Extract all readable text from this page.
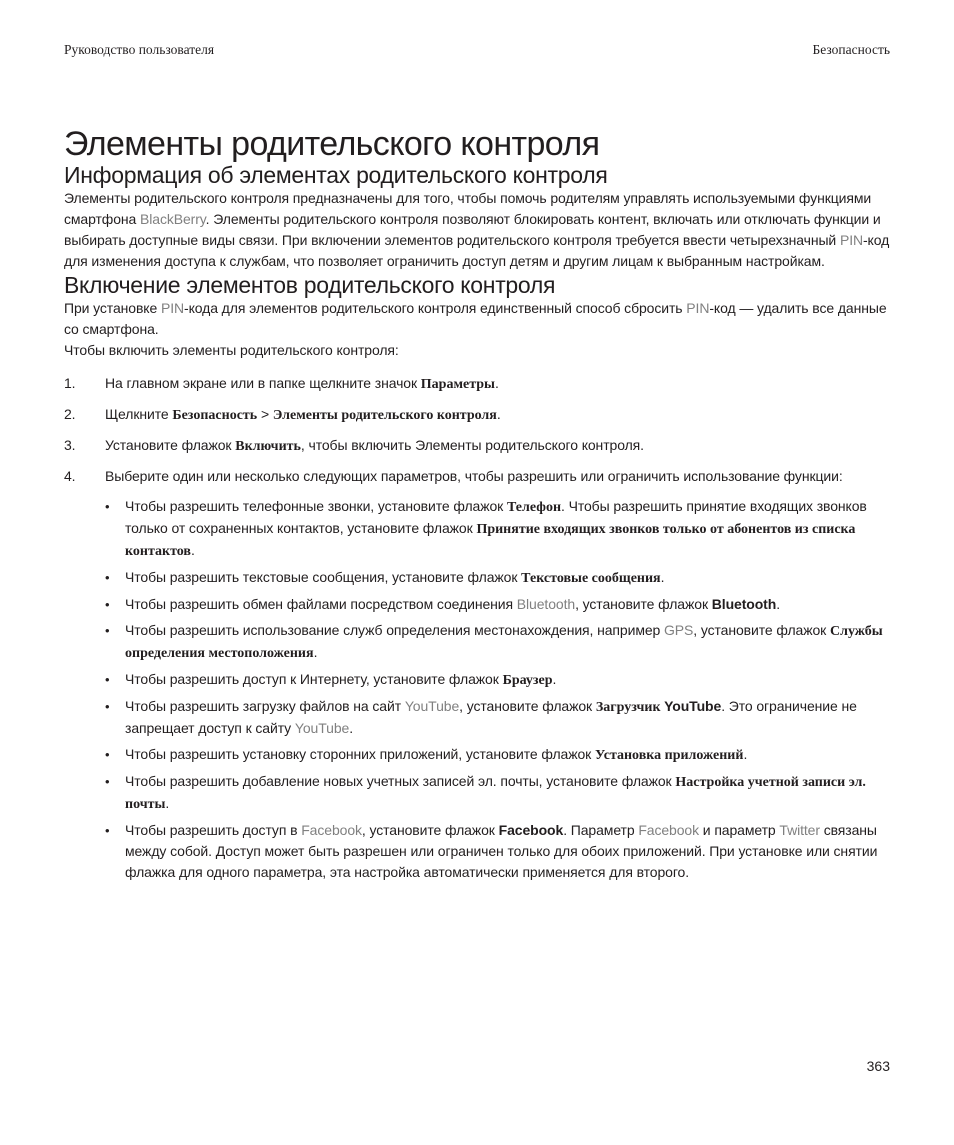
Руководство пользователя	Безопасность
Элементы родительского контроля
Информация об элементах родительского контроля

Элементы родительского контроля предназначены для того, чтобы помочь родителям управлять используемыми функциями смартфона BlackBerry. Элементы родительского контроля позволяют блокировать контент, включать или отключать функции и выбирать доступные виды связи. При включении элементов родительского контроля требуется ввести четырехзначный PIN-код для изменения доступа к службам, что позволяет ограничить доступ детям и другим лицам к выбранным настройкам.

Включение элементов родительского контроля

При установке PIN-кода для элементов родительского контроля единственный способ сбросить PIN-код — удалить все данные со смартфона.

Чтобы включить элементы родительского контроля:

1.	На главном экране или в папке щелкните значок Параметры.
2.	Щелкните Безопасность > Элементы родительского контроля.
3.	Установите флажок Включить, чтобы включить Элементы родительского контроля.
4.	Выберите один или несколько следующих параметров, чтобы разрешить или ограничить использование функции:
•	Чтобы разрешить телефонные звонки, установите флажок Телефон. Чтобы разрешить принятие входящих звонков только от сохраненных контактов, установите флажок Принятие входящих звонков только от абонентов из списка контактов.
•	Чтобы разрешить текстовые сообщения, установите флажок Текстовые сообщения.
•	Чтобы разрешить обмен файлами посредством соединения Bluetooth, установите флажок Bluetooth.
•	Чтобы разрешить использование служб определения местонахождения, например GPS, установите флажок Службы определения местоположения.
•	Чтобы разрешить доступ к Интернету, установите флажок Браузер.
•	Чтобы разрешить загрузку файлов на сайт YouTube, установите флажок Загрузчик YouTube. Это ограничение не запрещает доступ к сайту YouTube.
•	Чтобы разрешить установку сторонних приложений, установите флажок Установка приложений.
•	Чтобы разрешить добавление новых учетных записей эл. почты, установите флажок Настройка учетной записи эл. почты.
•	Чтобы разрешить доступ в Facebook, установите флажок Facebook. Параметр Facebook и параметр Twitter связаны между собой. Доступ может быть разрешен или ограничен только для обоих приложений. При установке или снятии флажка для одного параметра, эта настройка автоматически применяется для второго.
363
